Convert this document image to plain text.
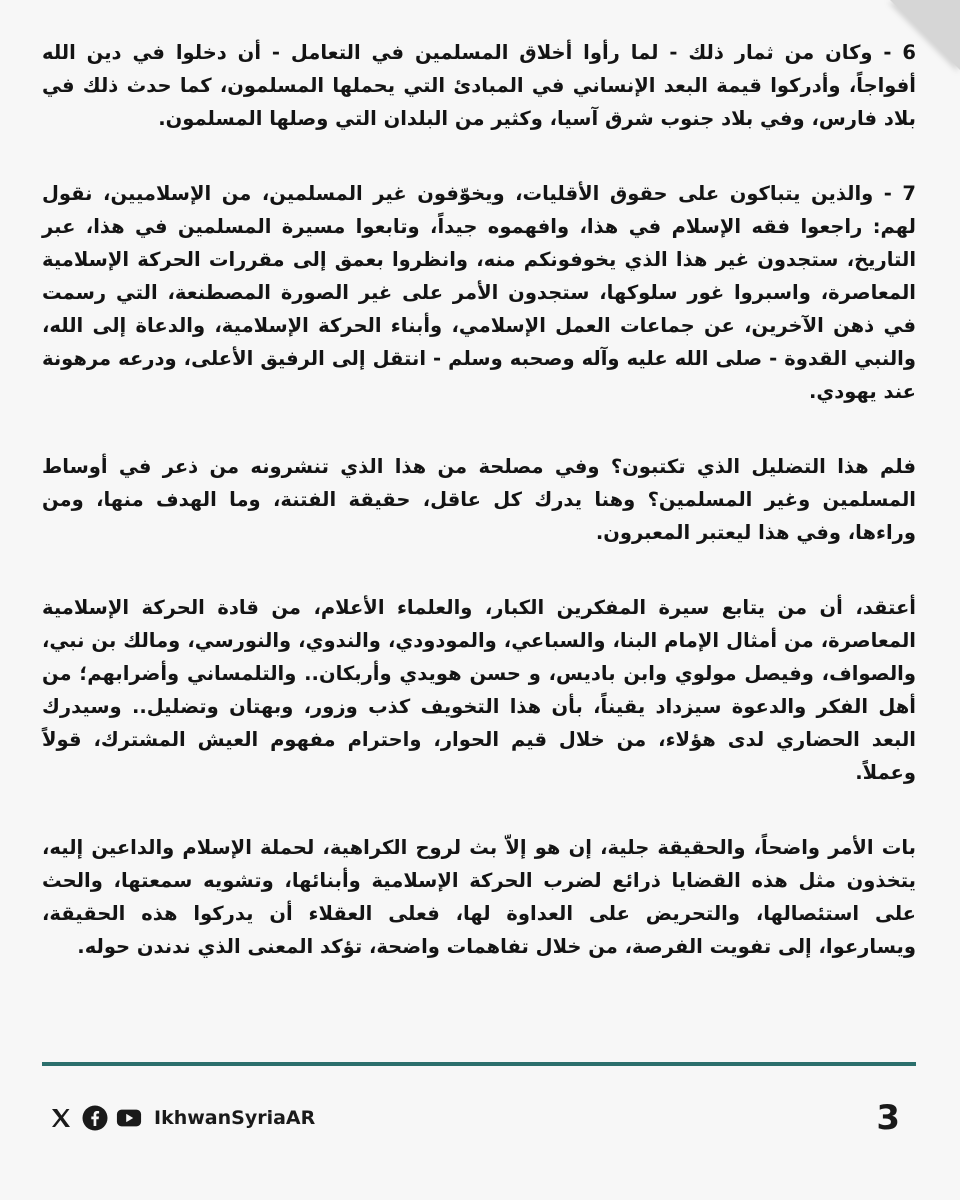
6 - وكان من ثمار ذلك - لما رأوا أخلاق المسلمين في التعامل - أن دخلوا في دين الله أفواجاً، وأدركوا قيمة البعد الإنساني في المبادئ التي يحملها المسلمون، كما حدث ذلك في بلاد فارس، وفي بلاد جنوب شرق آسيا، وكثير من البلدان التي وصلها المسلمون.

7 - والذين يتباكون على حقوق الأقليات، ويخوّفون غير المسلمين، من الإسلاميين، نقول لهم: راجعوا فقه الإسلام في هذا، وافهموه جيداً، وتابعوا مسيرة المسلمين في هذا، عبر التاريخ، ستجدون غير هذا الذي يخوفونكم منه، وانظروا بعمق إلى مقررات الحركة الإسلامية المعاصرة، واسبروا غور سلوكها، ستجدون الأمر على غير الصورة المصطنعة، التي رسمت في ذهن الآخرين، عن جماعات العمل الإسلامي، وأبناء الحركة الإسلامية، والدعاة إلى الله، والنبي القدوة - صلى الله عليه وآله وصحبه وسلم - انتقل إلى الرفيق الأعلى، ودرعه مرهونة عند يهودي.

فلم هذا التضليل الذي تكتبون؟ وفي مصلحة من هذا الذي تنشرونه من ذعر في أوساط المسلمين وغير المسلمين؟ وهنا يدرك كل عاقل، حقيقة الفتنة، وما الهدف منها، ومن وراءها، وفي هذا ليعتبر المعبرون.

أعتقد، أن من يتابع سيرة المفكرين الكبار، والعلماء الأعلام، من قادة الحركة الإسلامية المعاصرة، من أمثال الإمام البنا، والسباعي، والمودودي، والندوي، والنورسي، ومالك بن نبي، والصواف، وفيصل مولوي وابن باديس، و حسن هويدي وأربكان.. والتلمساني وأضرابهم؛ من أهل الفكر والدعوة سيزداد يقيناً، بأن هذا التخويف كذب وزور، وبهتان وتضليل.. وسيدرك البعد الحضاري لدى هؤلاء، من خلال قيم الحوار، واحترام مفهوم العيش المشترك، قولاً وعملاً.

بات الأمر واضحاً، والحقيقة جلية، إن هو إلاّ بث لروح الكراهية، لحملة الإسلام والداعين إليه، يتخذون مثل هذه القضايا ذرائع لضرب الحركة الإسلامية وأبنائها، وتشويه سمعتها، والحث على استئصالها، والتحريض على العداوة لها، فعلى العقلاء أن يدركوا هذه الحقيقة، ويسارعوا، إلى تفويت الفرصة، من خلال تفاهمات واضحة، تؤكد المعنى الذي ندندن حوله.

IkhwanSyriaAR	3
